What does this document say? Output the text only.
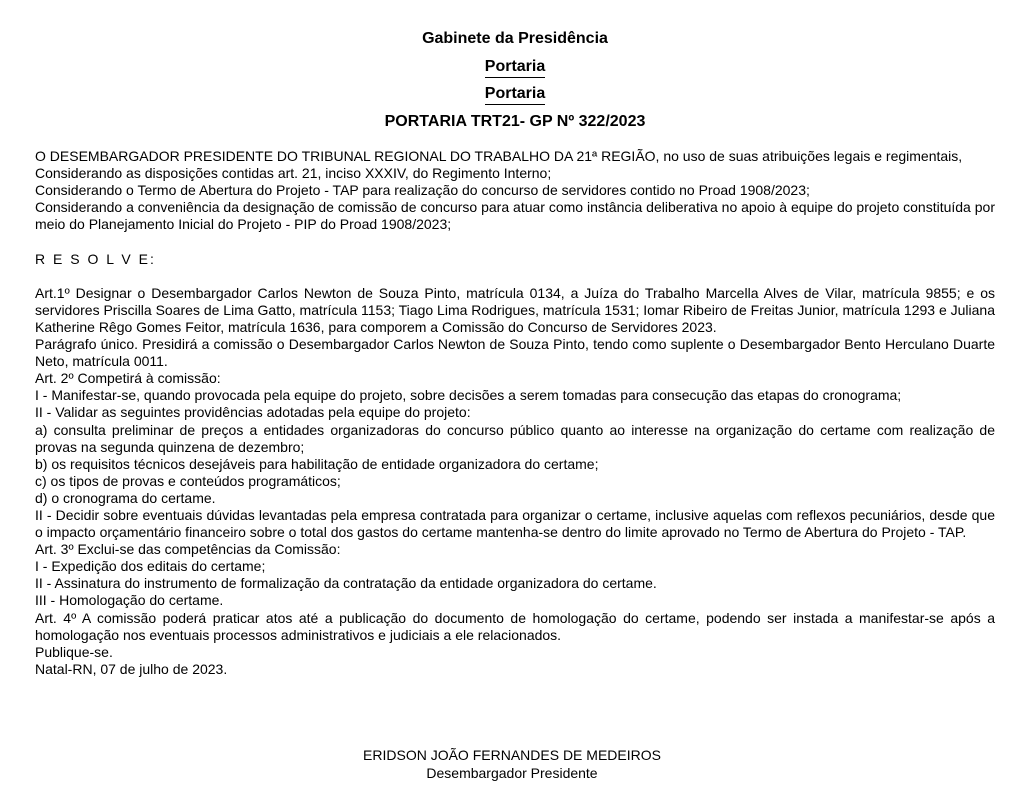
Gabinete da Presidência
Portaria
Portaria
PORTARIA TRT21- GP Nº 322/2023

O DESEMBARGADOR PRESIDENTE DO TRIBUNAL REGIONAL DO TRABALHO DA 21ª REGIÃO, no uso de suas atribuições legais e regimentais,

Considerando as disposições contidas art. 21, inciso XXXIV, do Regimento Interno;

Considerando o Termo de Abertura do Projeto - TAP para realização do concurso de servidores contido no Proad 1908/2023;

Considerando a conveniência da designação de comissão de concurso para atuar como instância deliberativa no apoio à equipe do projeto constituída por meio do Planejamento Inicial do Projeto - PIP do Proad 1908/2023;

R E S O L V E:

Art.1º Designar o Desembargador Carlos Newton de Souza Pinto, matrícula 0134, a Juíza do Trabalho Marcella Alves de Vilar, matrícula 9855; e os servidores Priscilla Soares de Lima Gatto, matrícula 1153; Tiago Lima Rodrigues, matrícula 1531; Iomar Ribeiro de Freitas Junior, matrícula 1293 e Juliana Katherine Rêgo Gomes Feitor, matrícula 1636, para comporem a Comissão do Concurso de Servidores 2023.

Parágrafo único. Presidirá a comissão o Desembargador Carlos Newton de Souza Pinto, tendo como suplente o Desembargador Bento Herculano Duarte Neto, matrícula 0011.

Art. 2º Competirá à comissão:

I - Manifestar-se, quando provocada pela equipe do projeto, sobre decisões a serem tomadas para consecução das etapas do cronograma;

II - Validar as seguintes providências adotadas pela equipe do projeto:

a) consulta preliminar de preços a entidades organizadoras do concurso público quanto ao interesse na organização do certame com realização de provas na segunda quinzena de dezembro;

b) os requisitos técnicos desejáveis para habilitação de entidade organizadora do certame;

c) os tipos de provas e conteúdos programáticos;

d) o cronograma do certame.

II - Decidir sobre eventuais dúvidas levantadas pela empresa contratada para organizar o certame, inclusive aquelas com reflexos pecuniários, desde que o impacto orçamentário financeiro sobre o total dos gastos do certame mantenha-se dentro do limite aprovado no Termo de Abertura do Projeto - TAP.

Art. 3º Exclui-se das competências da Comissão:

I - Expedição dos editais do certame;

II - Assinatura do instrumento de formalização da contratação da entidade organizadora do certame.

III - Homologação do certame.

Art. 4º A comissão poderá praticar atos até a publicação do documento de homologação do certame, podendo ser instada a manifestar-se após a homologação nos eventuais processos administrativos e judiciais a ele relacionados.

Publique-se.

Natal-RN, 07 de julho de 2023.

ERIDSON JOÃO FERNANDES DE MEDEIROS

Desembargador Presidente
